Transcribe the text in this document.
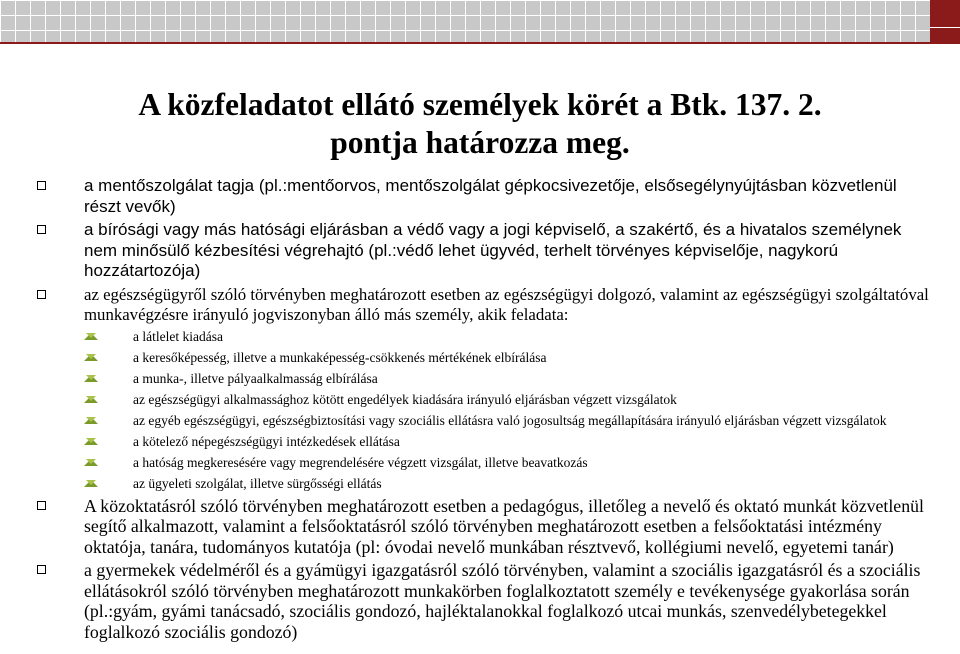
A közfeladatot ellátó személyek körét a Btk. 137. 2.
pontja határozza meg.
a mentőszolgálat tagja (pl.:mentőorvos, mentőszolgálat gépkocsivezetője, elsősegélynyújtásban közvetlenül részt vevők)
a bírósági vagy más hatósági eljárásban a védő vagy a jogi képviselő, a szakértő, és a hivatalos személynek nem minősülő kézbesítési végrehajtó (pl.:védő lehet ügyvéd, terhelt törvényes képviselője, nagykorú hozzátartozója)
az egészségügyről szóló törvényben meghatározott esetben az egészségügyi dolgozó, valamint az egészségügyi szolgáltatóval munkavégzésre irányuló jogviszonyban álló más személy, akik feladata:
a látlelet kiadása
a keresőképesség, illetve a munkaképesség-csökkenés mértékének elbírálása
a munka-, illetve pályaalkalmasság elbírálása
az egészségügyi alkalmassághoz kötött engedélyek kiadására irányuló eljárásban végzett vizsgálatok
az egyéb egészségügyi, egészségbiztosítási vagy szociális ellátásra való jogosultság megállapítására irányuló eljárásban végzett vizsgálatok
a kötelező népegészségügyi intézkedések ellátása
a hatóság megkeresésére vagy megrendelésére végzett vizsgálat, illetve beavatkozás
az ügyeleti szolgálat, illetve sürgősségi ellátás
A közoktatásról szóló törvényben meghatározott esetben a pedagógus, illetőleg a nevelő és oktató munkát közvetlenül segítő alkalmazott, valamint a felsőoktatásról szóló törvényben meghatározott esetben a felsőoktatási intézmény oktatója, tanára, tudományos kutatója (pl: óvodai nevelő munkában résztvevő, kollégiumi nevelő, egyetemi tanár)
a gyermekek védelméről és a gyámügyi igazgatásról szóló törvényben, valamint a szociális igazgatásról és a szociális ellátásokról szóló törvényben meghatározott munkakörben foglalkoztatott személy e tevékenysége gyakorlása során (pl.:gyám, gyámi tanácsadó, szociális gondozó, hajléktalanokkal foglalkozó utcai munkás, szenvedélybetegekkel foglalkozó szociális gondozó)
